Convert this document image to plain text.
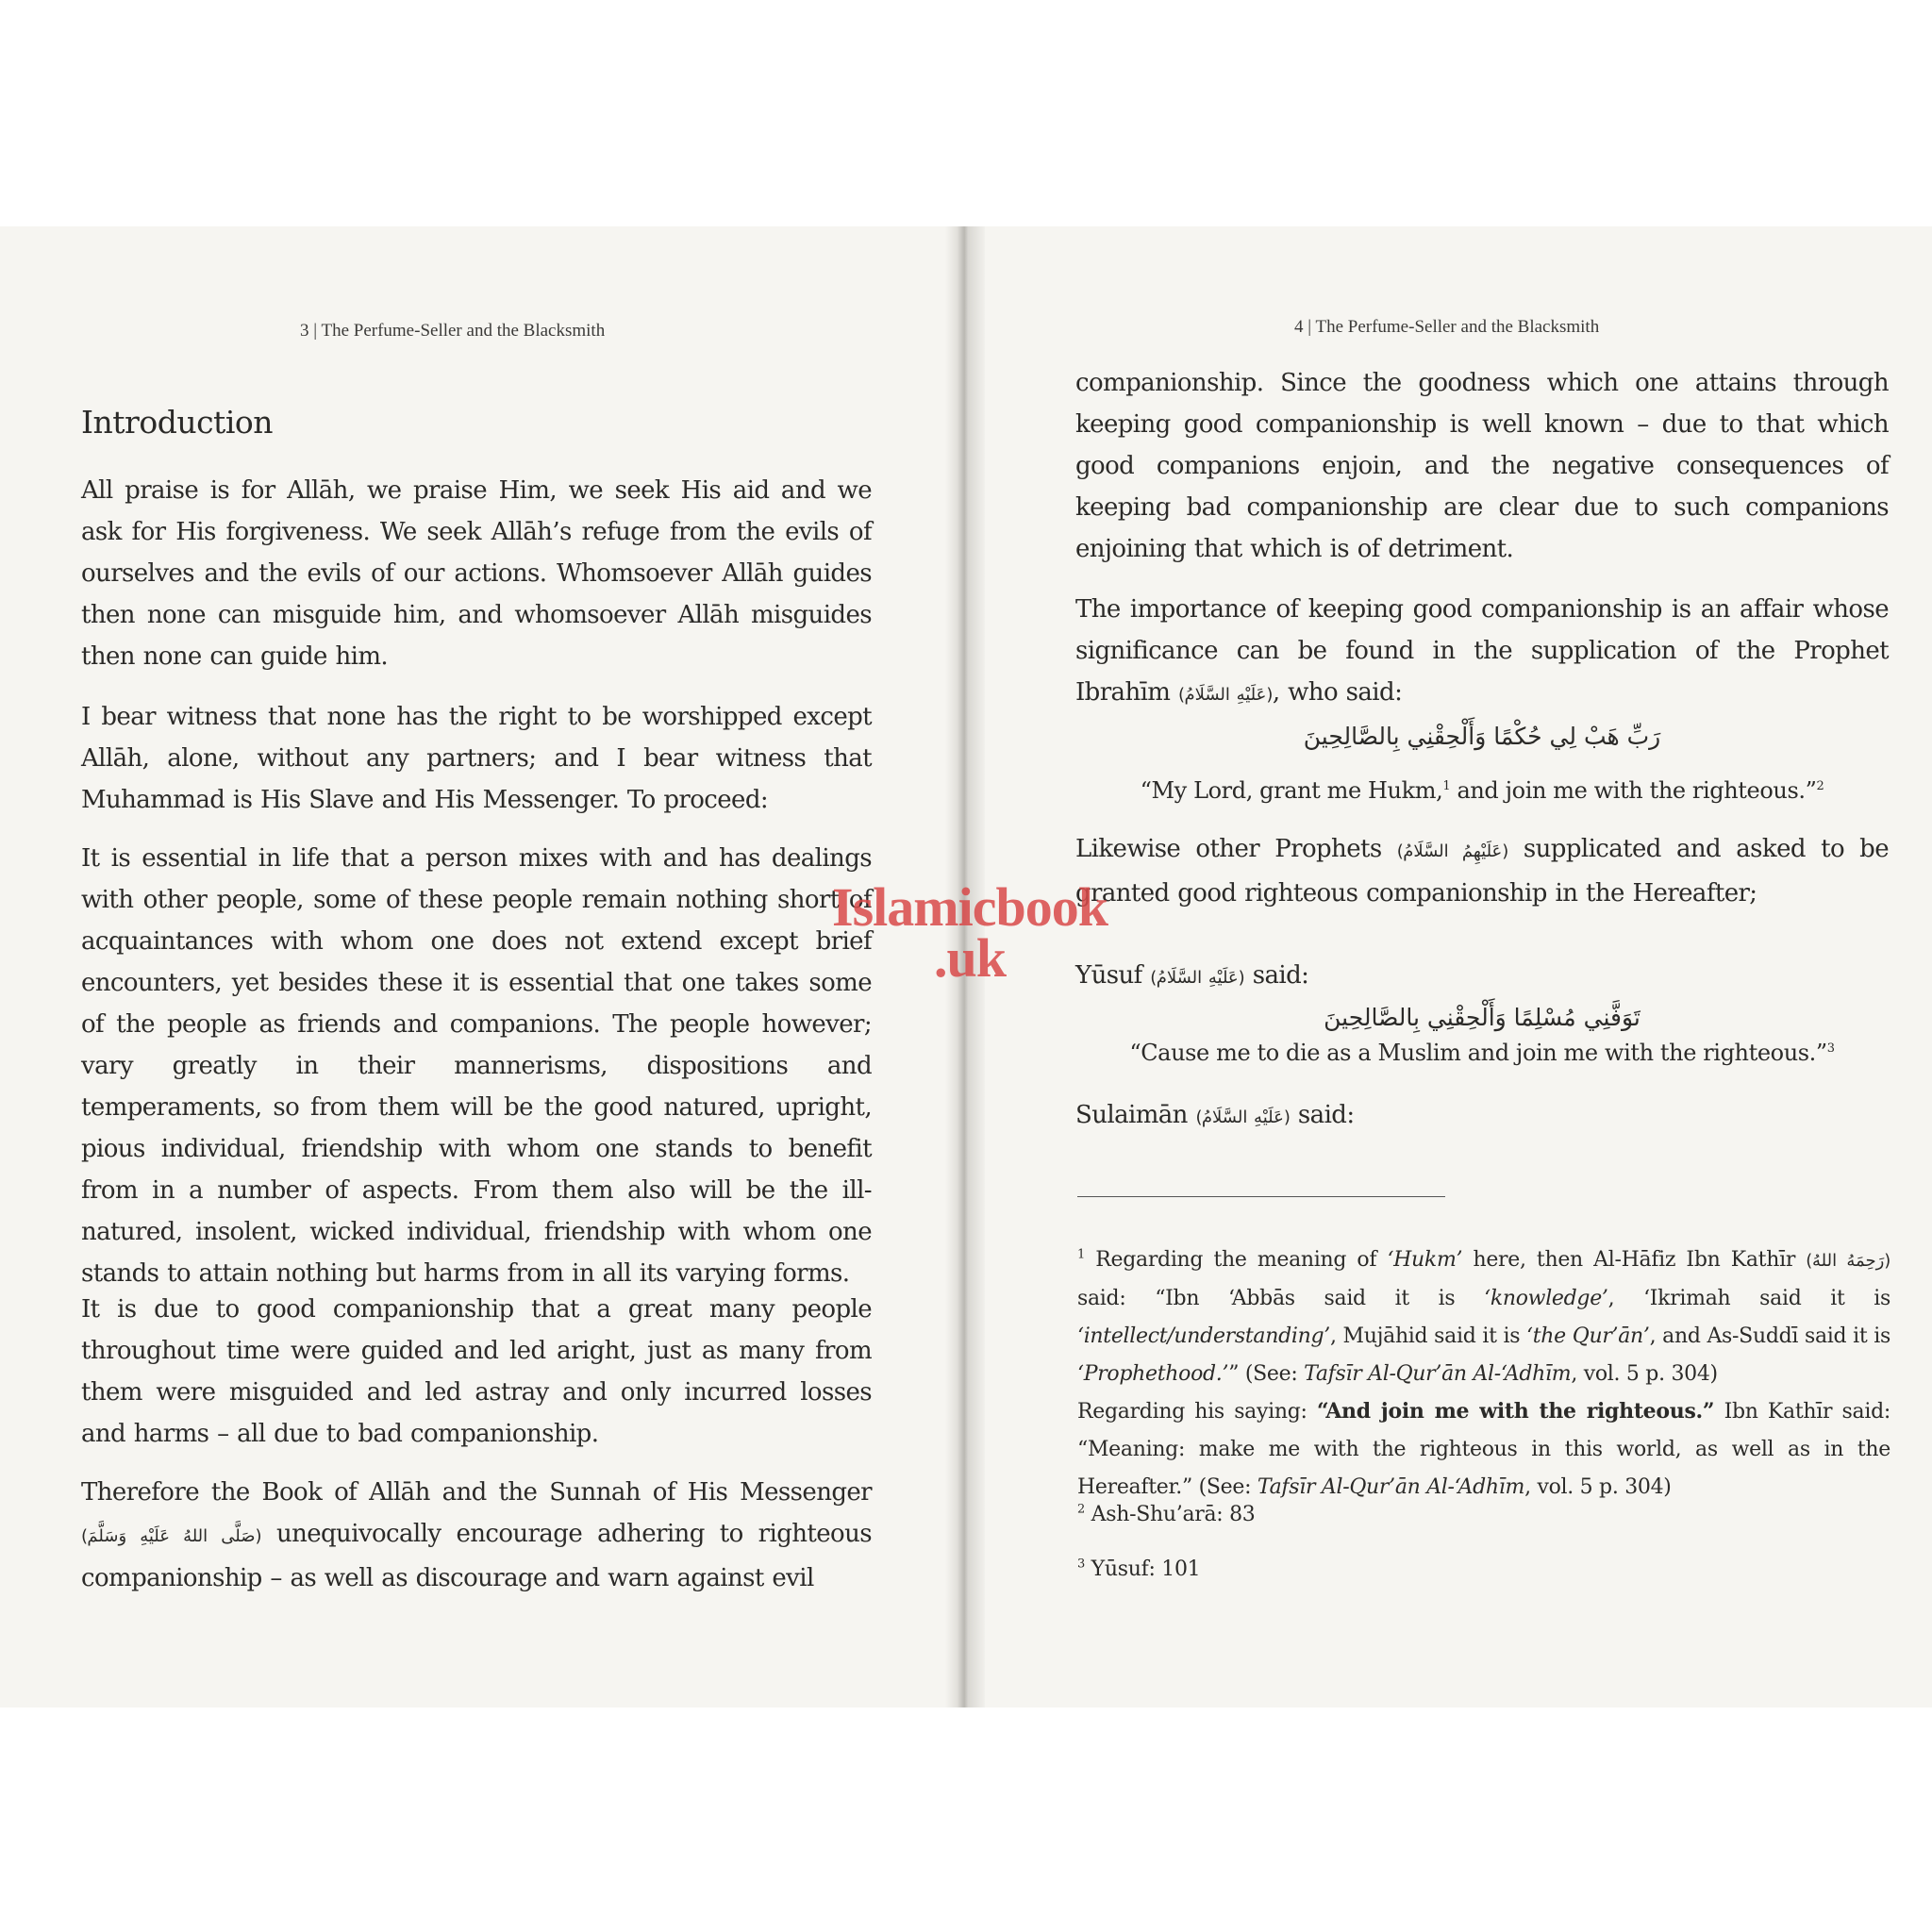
3 | The Perfume-Seller and the Blacksmith
Introduction

All praise is for Allāh, we praise Him, we seek His aid and we ask for His forgiveness. We seek Allāh’s refuge from the evils of ourselves and the evils of our actions. Whomsoever Allāh guides then none can misguide him, and whomsoever Allāh misguides then none can guide him.

I bear witness that none has the right to be worshipped except Allāh, alone, without any partners; and I bear witness that Muhammad is His Slave and His Messenger. To proceed:

It is essential in life that a person mixes with and has dealings with other people, some of these people remain nothing short of acquaintances with whom one does not extend except brief encounters, yet besides these it is essential that one takes some of the people as friends and companions. The people however; vary greatly in their mannerisms, dispositions and temperaments, so from them will be the good natured, upright, pious individual, friendship with whom one stands to benefit from in a number of aspects. From them also will be the ill-natured, insolent, wicked individual, friendship with whom one stands to attain nothing but harms from in all its varying forms.

It is due to good companionship that a great many people throughout time were guided and led aright, just as many from them were misguided and led astray and only incurred losses and harms – all due to bad companionship.

Therefore the Book of Allāh and the Sunnah of His Messenger (صَلَّى اللهُ عَلَيْهِ وَسَلَّمَ) unequivocally encourage adhering to righteous companionship – as well as discourage and warn against evil

4 | The Perfume-Seller and the Blacksmith

companionship. Since the goodness which one attains through keeping good companionship is well known – due to that which good companions enjoin, and the negative consequences of keeping bad companionship are clear due to such companions enjoining that which is of detriment.

The importance of keeping good companionship is an affair whose significance can be found in the supplication of the Prophet Ibrahīm (عَلَيْهِ السَّلَامُ), who said:

رَبِّ هَبْ لِي حُكْمًا وَأَلْحِقْنِي بِالصَّالِحِينَ
“My Lord, grant me Hukm,$^1$ and join me with the righteous.”$^2$

Likewise other Prophets (عَلَيْهِمُ السَّلَامُ) supplicated and asked to be granted good righteous companionship in the Hereafter;

Yūsuf (عَلَيْهِ السَّلَامُ) said:

تَوَفَّنِي مُسْلِمًا وَأَلْحِقْنِي بِالصَّالِحِينَ
“Cause me to die as a Muslim and join me with the righteous.”$^3$

Sulaimān (عَلَيْهِ السَّلَامُ) said:

$^1$ Regarding the meaning of ‘Hukm’ here, then Al-Hāfiz Ibn Kathīr (رَحِمَهُ اللهُ) said: “Ibn ‘Abbās said it is ‘knowledge’, ‘Ikrimah said it is ‘intellect/understanding’, Mujāhid said it is ‘the Qur’ān’, and As-Suddī said it is ‘Prophethood.’” (See: Tafsīr Al-Qur’ān Al-‘Adhīm, vol. 5 p. 304)

Regarding his saying: “And join me with the righteous.” Ibn Kathīr said: “Meaning: make me with the righteous in this world, as well as in the Hereafter.” (See: Tafsīr Al-Qur’ān Al-‘Adhīm, vol. 5 p. 304)

$^2$ Ash-Shu’arā: 83

$^3$ Yūsuf: 101

Islamicbook
.uk
